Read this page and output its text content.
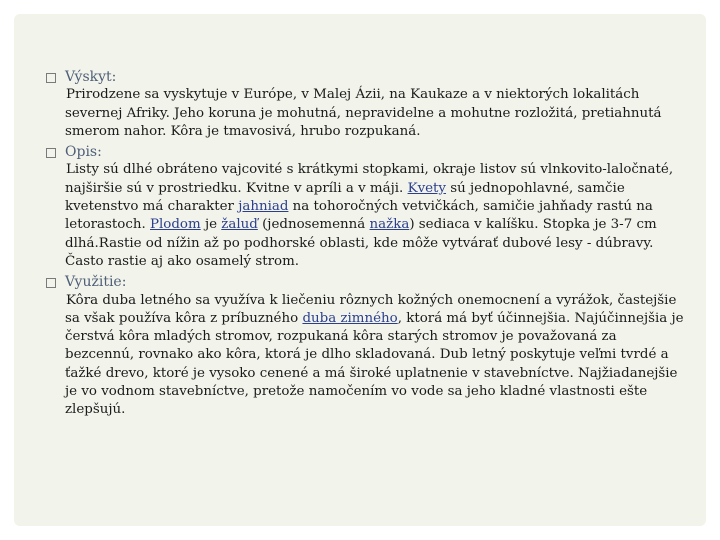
Výskyt:
Prirodzene sa vyskytuje v Európe, v Malej Ázii, na Kaukaze a v niektorých lokalitách severnej Afriky. Jeho koruna je mohutná, nepravidelne a mohutne rozložitá, pretiahnutá smerom nahor. Kôra je tmavosivá, hrubo rozpukaná.
Opis:
Listy sú dlhé obráteno vajcovité s krátkymi stopkami, okraje listov sú vlnkovito-laločnaté, najširšie sú v prostriedku. Kvitne v apríli a v máji. Kvety sú jednopohlavné, samčie kvetenstvo má charakter jahniad na tohoročných vetvičkách, samičie jahňady rastú na letorastoch. Plodom je žaluď (jednosemenná nažka) sediaca v kalíšku. Stopka je 3-7 cm dlhá.Rastie od nížin až po podhorské oblasti, kde môže vytvárať dubové lesy - dúbravy. Často rastie aj ako osamelý strom.
Využitie:
Kôra duba letného sa využíva k liečeniu rôznych kožných onemocnení a vyrážok, častejšie sa však používa kôra z príbuzného duba zimného, ktorá má byť účinnejšia. Najúčinnejšia je čerstvá kôra mladých stromov, rozpukaná kôra starých stromov je považovaná za bezcennú, rovnako ako kôra, ktorá je dlho skladovaná. Dub letný poskytuje veľmi tvrdé a ťažké drevo, ktoré je vysoko cenené a má široké uplatnenie v stavebníctve. Najžiadanejšie je vo vodnom stavebníctve, pretože namočením vo vode sa jeho kladné vlastnosti ešte zlepšujú.
